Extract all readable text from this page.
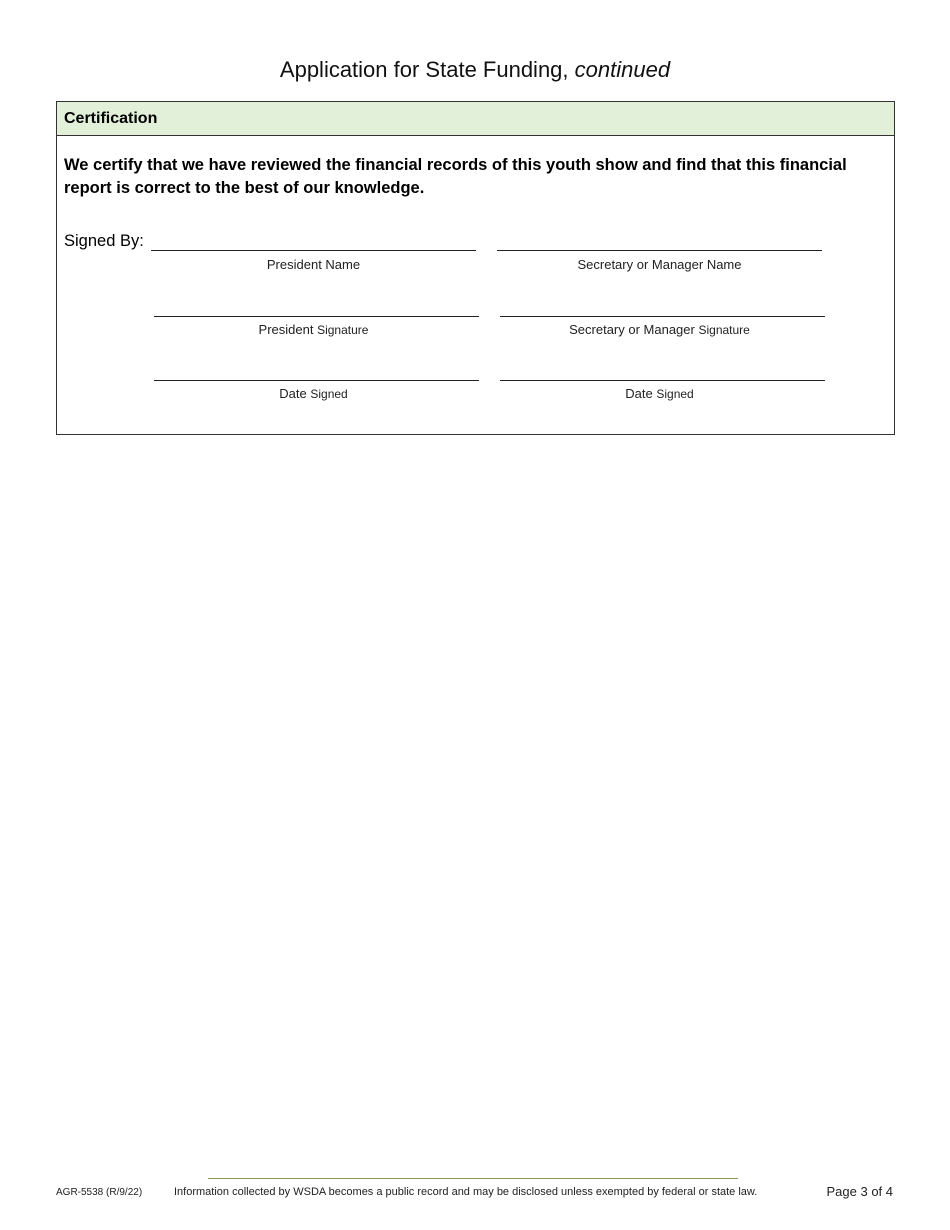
Application for State Funding, continued
Certification
We certify that we have reviewed the financial records of this youth show and find that this financial report is correct to the best of our knowledge.
Signed By:
President Name	Secretary or Manager Name
President Signature	Secretary or Manager Signature
Date Signed	Date Signed
AGR-5538 (R/9/22)	Information collected by WSDA becomes a public record and may be disclosed unless exempted by federal or state law.	Page 3 of 4
